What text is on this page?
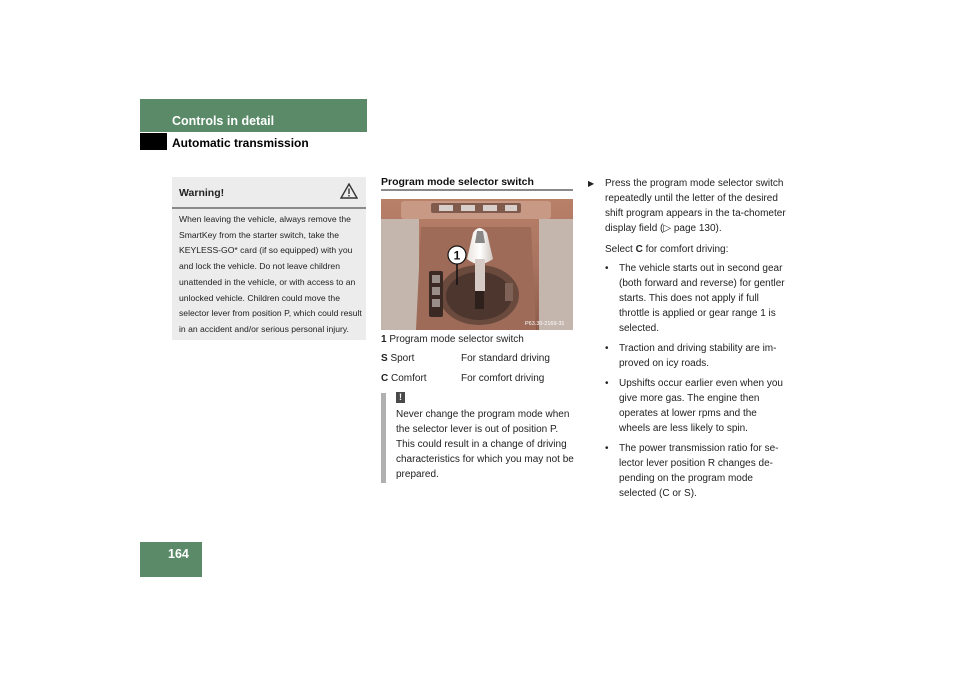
Controls in detail
Automatic transmission
Warning!
When leaving the vehicle, always remove the SmartKey from the starter switch, take the KEYLESS-GO* card (if so equipped) with you and lock the vehicle. Do not leave children unattended in the vehicle, or with access to an unlocked vehicle. Children could move the selector lever from position P, which could result in an accident and/or serious personal injury.
Program mode selector switch
1
P63.30-2169-31
1 Program mode selector switch
S Sport	For standard driving
C Comfort	For comfort driving
!
Never change the program mode when the selector lever is out of position P. This could result in a change of driving characteristics for which you may not be prepared.

▶ Press the program mode selector switch repeatedly until the letter of the desired shift program appears in the ta-chometer display field (▷ page 130).

Select C for comfort driving:

• The vehicle starts out in second gear (both forward and reverse) for gentler starts. This does not apply if full throttle is applied or gear range 1 is selected.
• Traction and driving stability are im-proved on icy roads.
• Upshifts occur earlier even when you give more gas. The engine then operates at lower rpms and the wheels are less likely to spin.
• The power transmission ratio for se-lector lever position R changes de-pending on the program mode selected (C or S).
164
